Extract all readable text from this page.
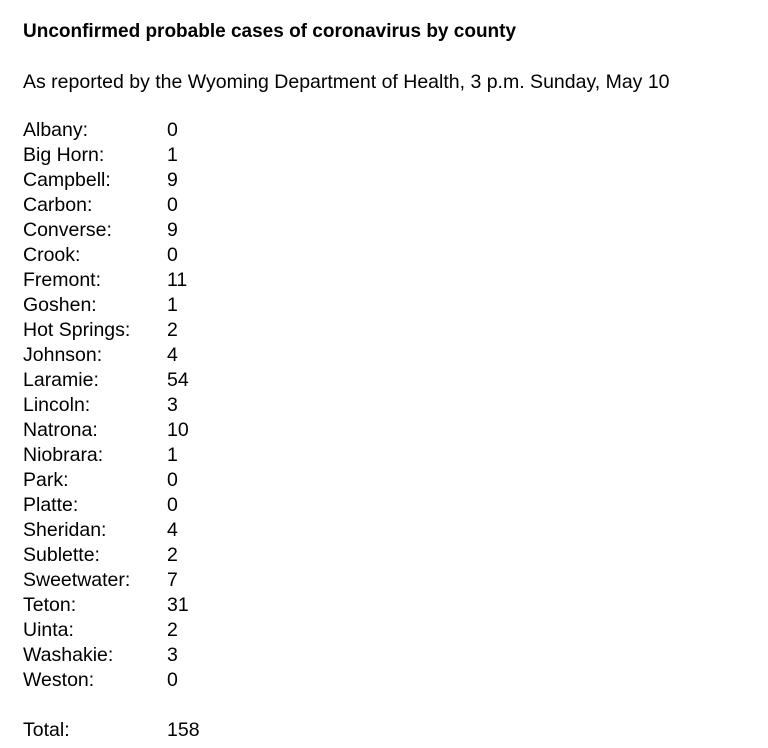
Unconfirmed probable cases of coronavirus by county
As reported by the Wyoming Department of Health, 3 p.m. Sunday, May 10
Albany:	0
Big Horn:	1
Campbell:	9
Carbon:	0
Converse:	9
Crook:	0
Fremont:	11
Goshen:	1
Hot Springs:	2
Johnson:	4
Laramie:	54
Lincoln:	3
Natrona:	10
Niobrara:	1
Park:	0
Platte:	0
Sheridan:	4
Sublette:	2
Sweetwater:	7
Teton:	31
Uinta:	2
Washakie:	3
Weston:	0
Total:	158
